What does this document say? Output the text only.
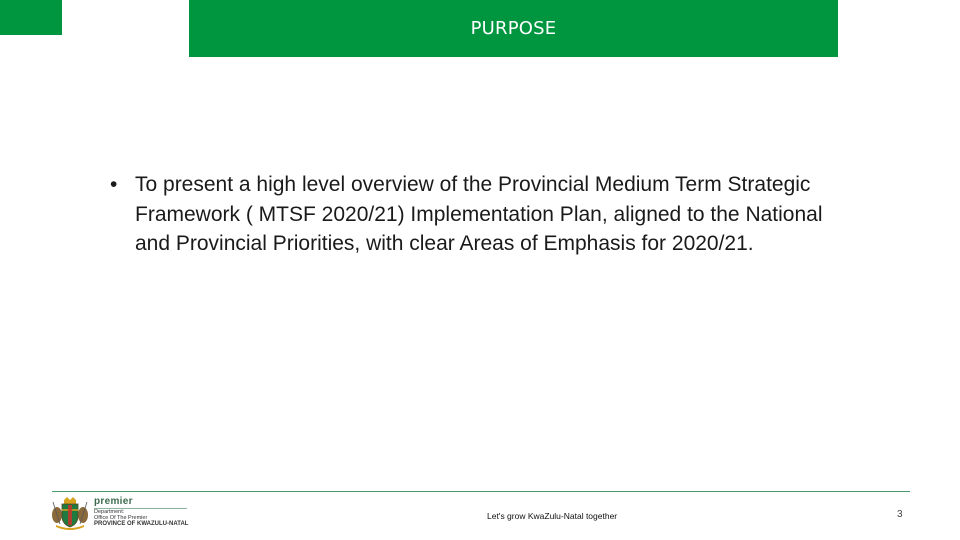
PURPOSE
• To present a high level overview of the Provincial Medium Term Strategic Framework ( MTSF 2020/21) Implementation Plan, aligned to the National and Provincial Priorities, with clear Areas of Emphasis for 2020/21.
premier
Department:
Office Of The Premier
PROVINCE OF KWAZULU-NATAL
Let's grow KwaZulu-Natal together	3
